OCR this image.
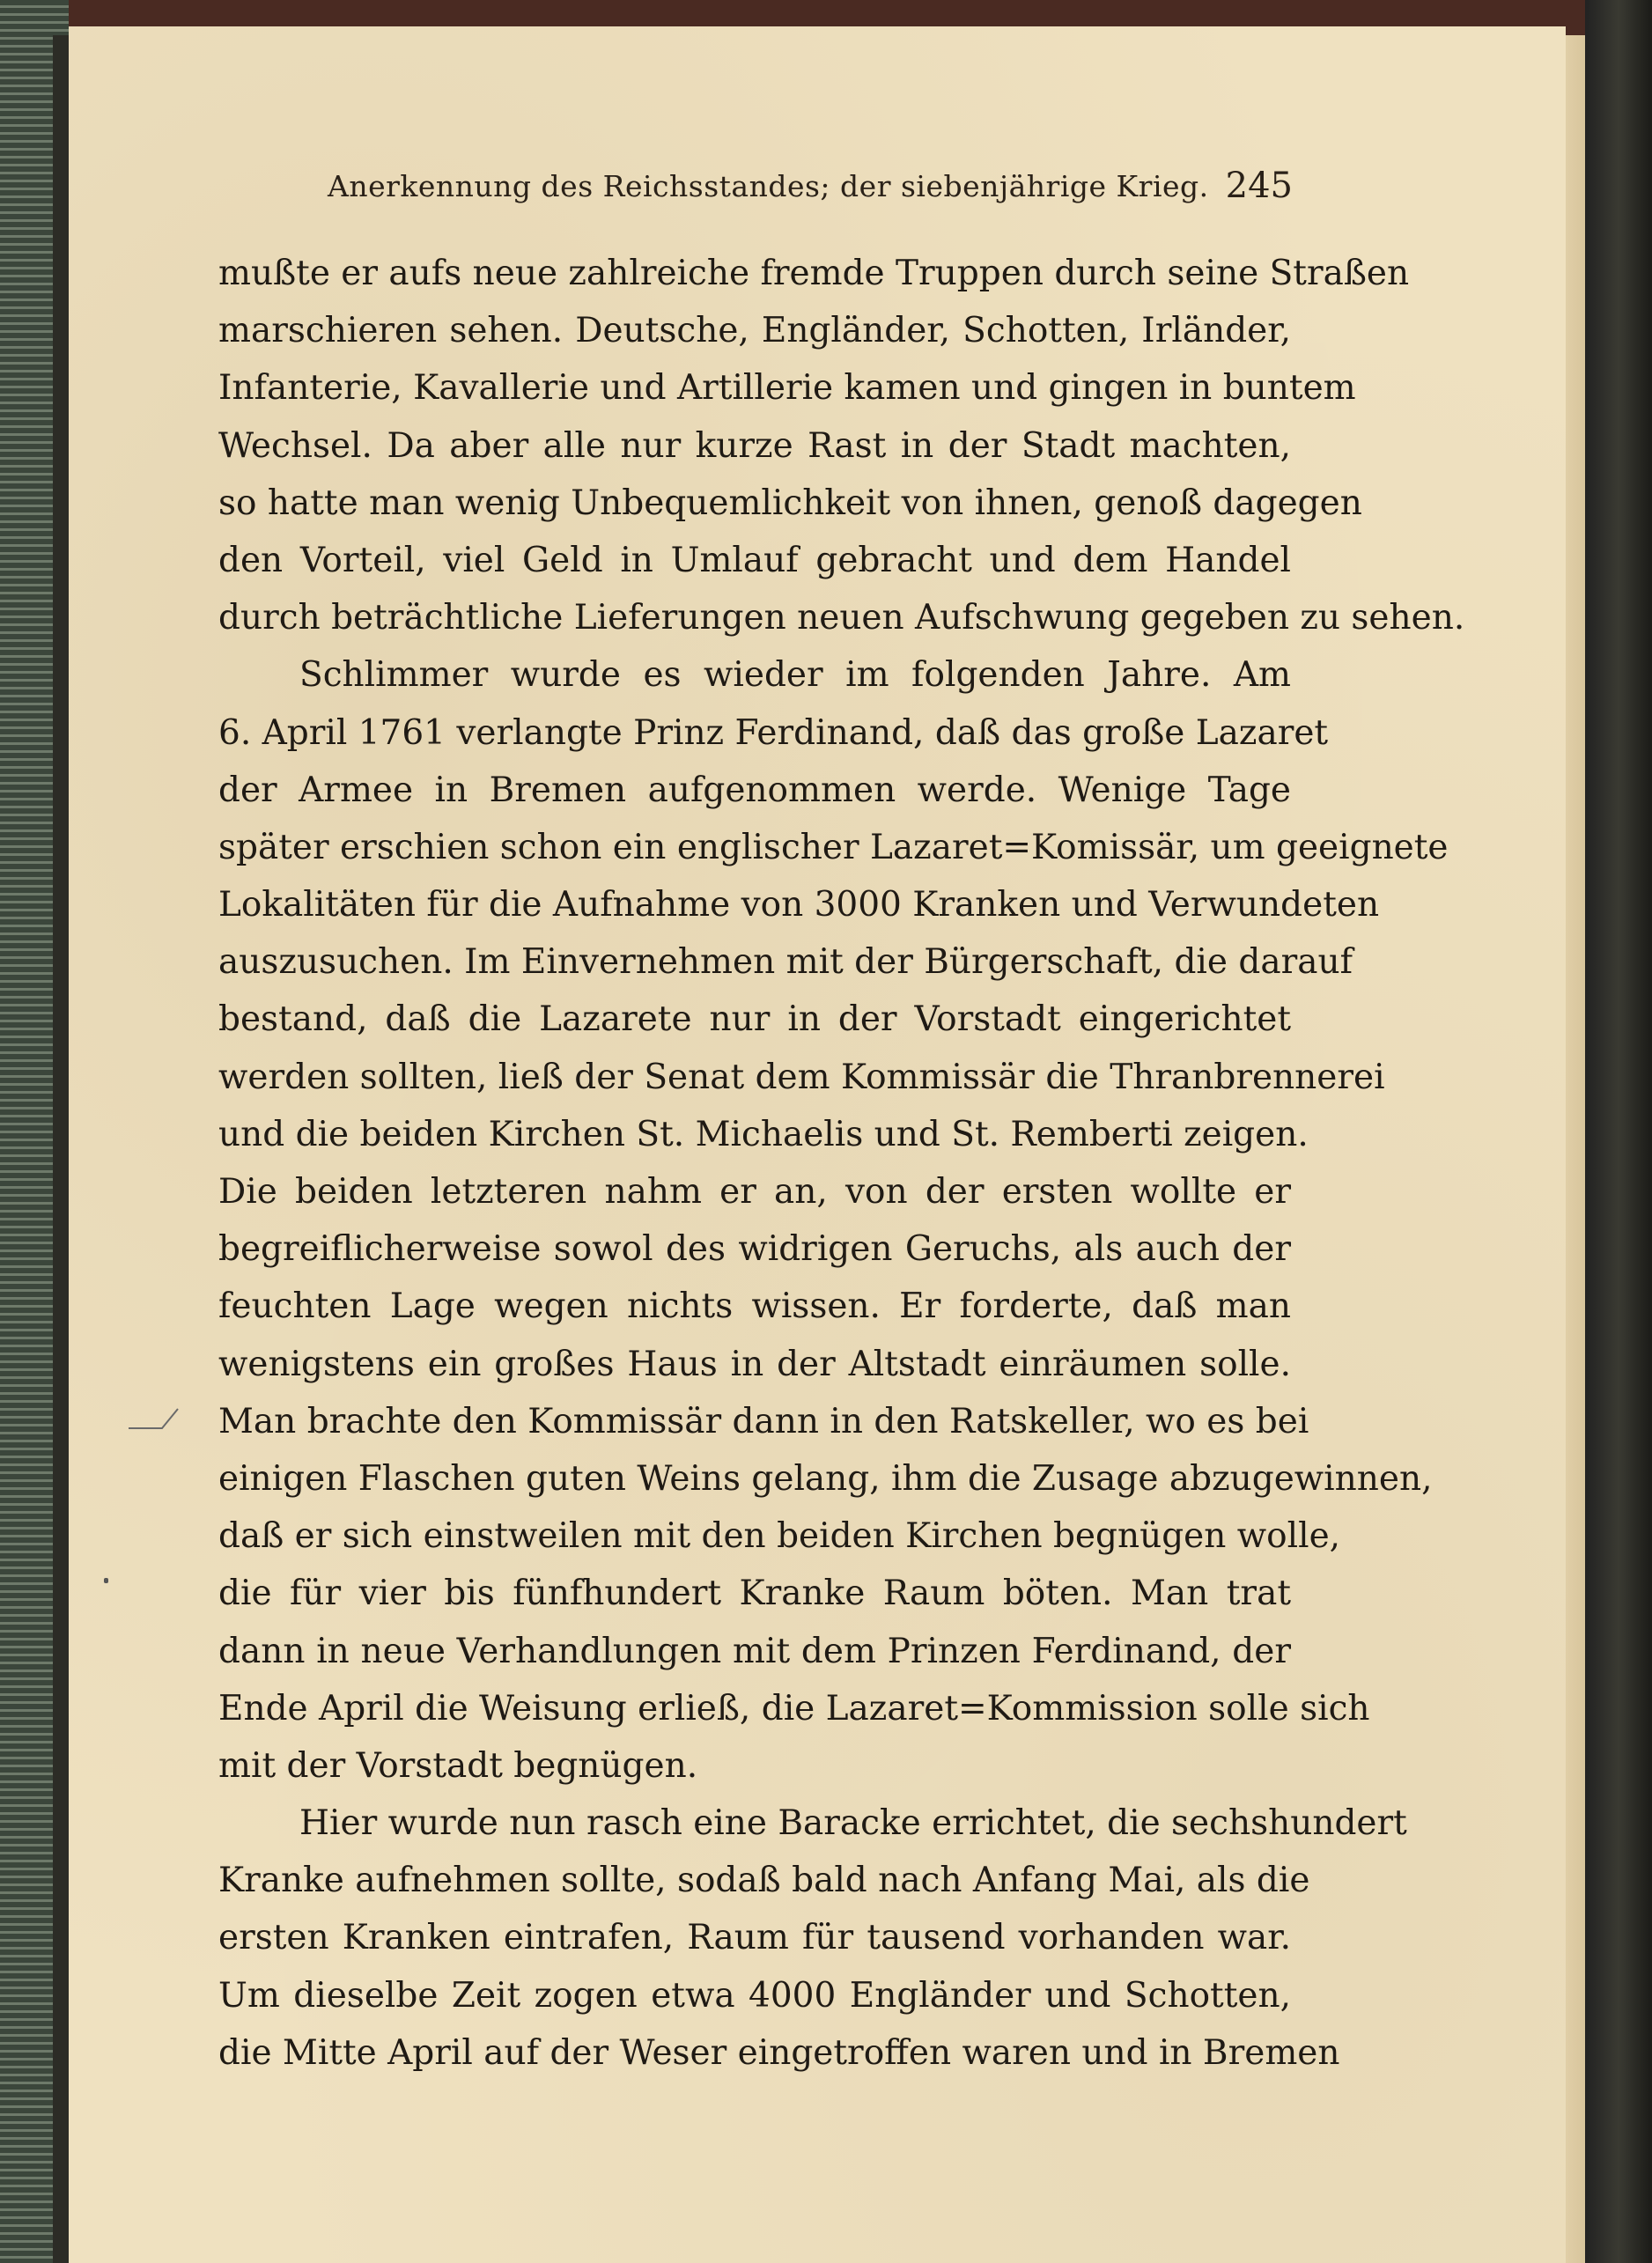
Anerkennung des Reichsstandes; der siebenjährige Krieg. 245
mußte er aufs neue zahlreiche fremde Truppen durch seine Straßen
marschieren sehen. Deutsche, Engländer, Schotten, Irländer,
Infanterie, Kavallerie und Artillerie kamen und gingen in buntem
Wechsel. Da aber alle nur kurze Rast in der Stadt machten,
so hatte man wenig Unbequemlichkeit von ihnen, genoß dagegen
den Vorteil, viel Geld in Umlauf gebracht und dem Handel
durch beträchtliche Lieferungen neuen Aufschwung gegeben zu sehen.
Schlimmer wurde es wieder im folgenden Jahre. Am
6. April 1761 verlangte Prinz Ferdinand, daß das große Lazaret
der Armee in Bremen aufgenommen werde. Wenige Tage
später erschien schon ein englischer Lazaret=Komissär, um geeignete
Lokalitäten für die Aufnahme von 3000 Kranken und Verwundeten
auszusuchen. Im Einvernehmen mit der Bürgerschaft, die darauf
bestand, daß die Lazarete nur in der Vorstadt eingerichtet
werden sollten, ließ der Senat dem Kommissär die Thranbrennerei
und die beiden Kirchen St. Michaelis und St. Remberti zeigen.
Die beiden letzteren nahm er an, von der ersten wollte er
begreiflicherweise sowol des widrigen Geruchs, als auch der
feuchten Lage wegen nichts wissen. Er forderte, daß man
wenigstens ein großes Haus in der Altstadt einräumen solle.
Man brachte den Kommissär dann in den Ratskeller, wo es bei
einigen Flaschen guten Weins gelang, ihm die Zusage abzugewinnen,
daß er sich einstweilen mit den beiden Kirchen begnügen wolle,
die für vier bis fünfhundert Kranke Raum böten. Man trat
dann in neue Verhandlungen mit dem Prinzen Ferdinand, der
Ende April die Weisung erließ, die Lazaret=Kommission solle sich
mit der Vorstadt begnügen.
Hier wurde nun rasch eine Baracke errichtet, die sechshundert
Kranke aufnehmen sollte, sodaß bald nach Anfang Mai, als die
ersten Kranken eintrafen, Raum für tausend vorhanden war.
Um dieselbe Zeit zogen etwa 4000 Engländer und Schotten,
die Mitte April auf der Weser eingetroffen waren und in Bremen
